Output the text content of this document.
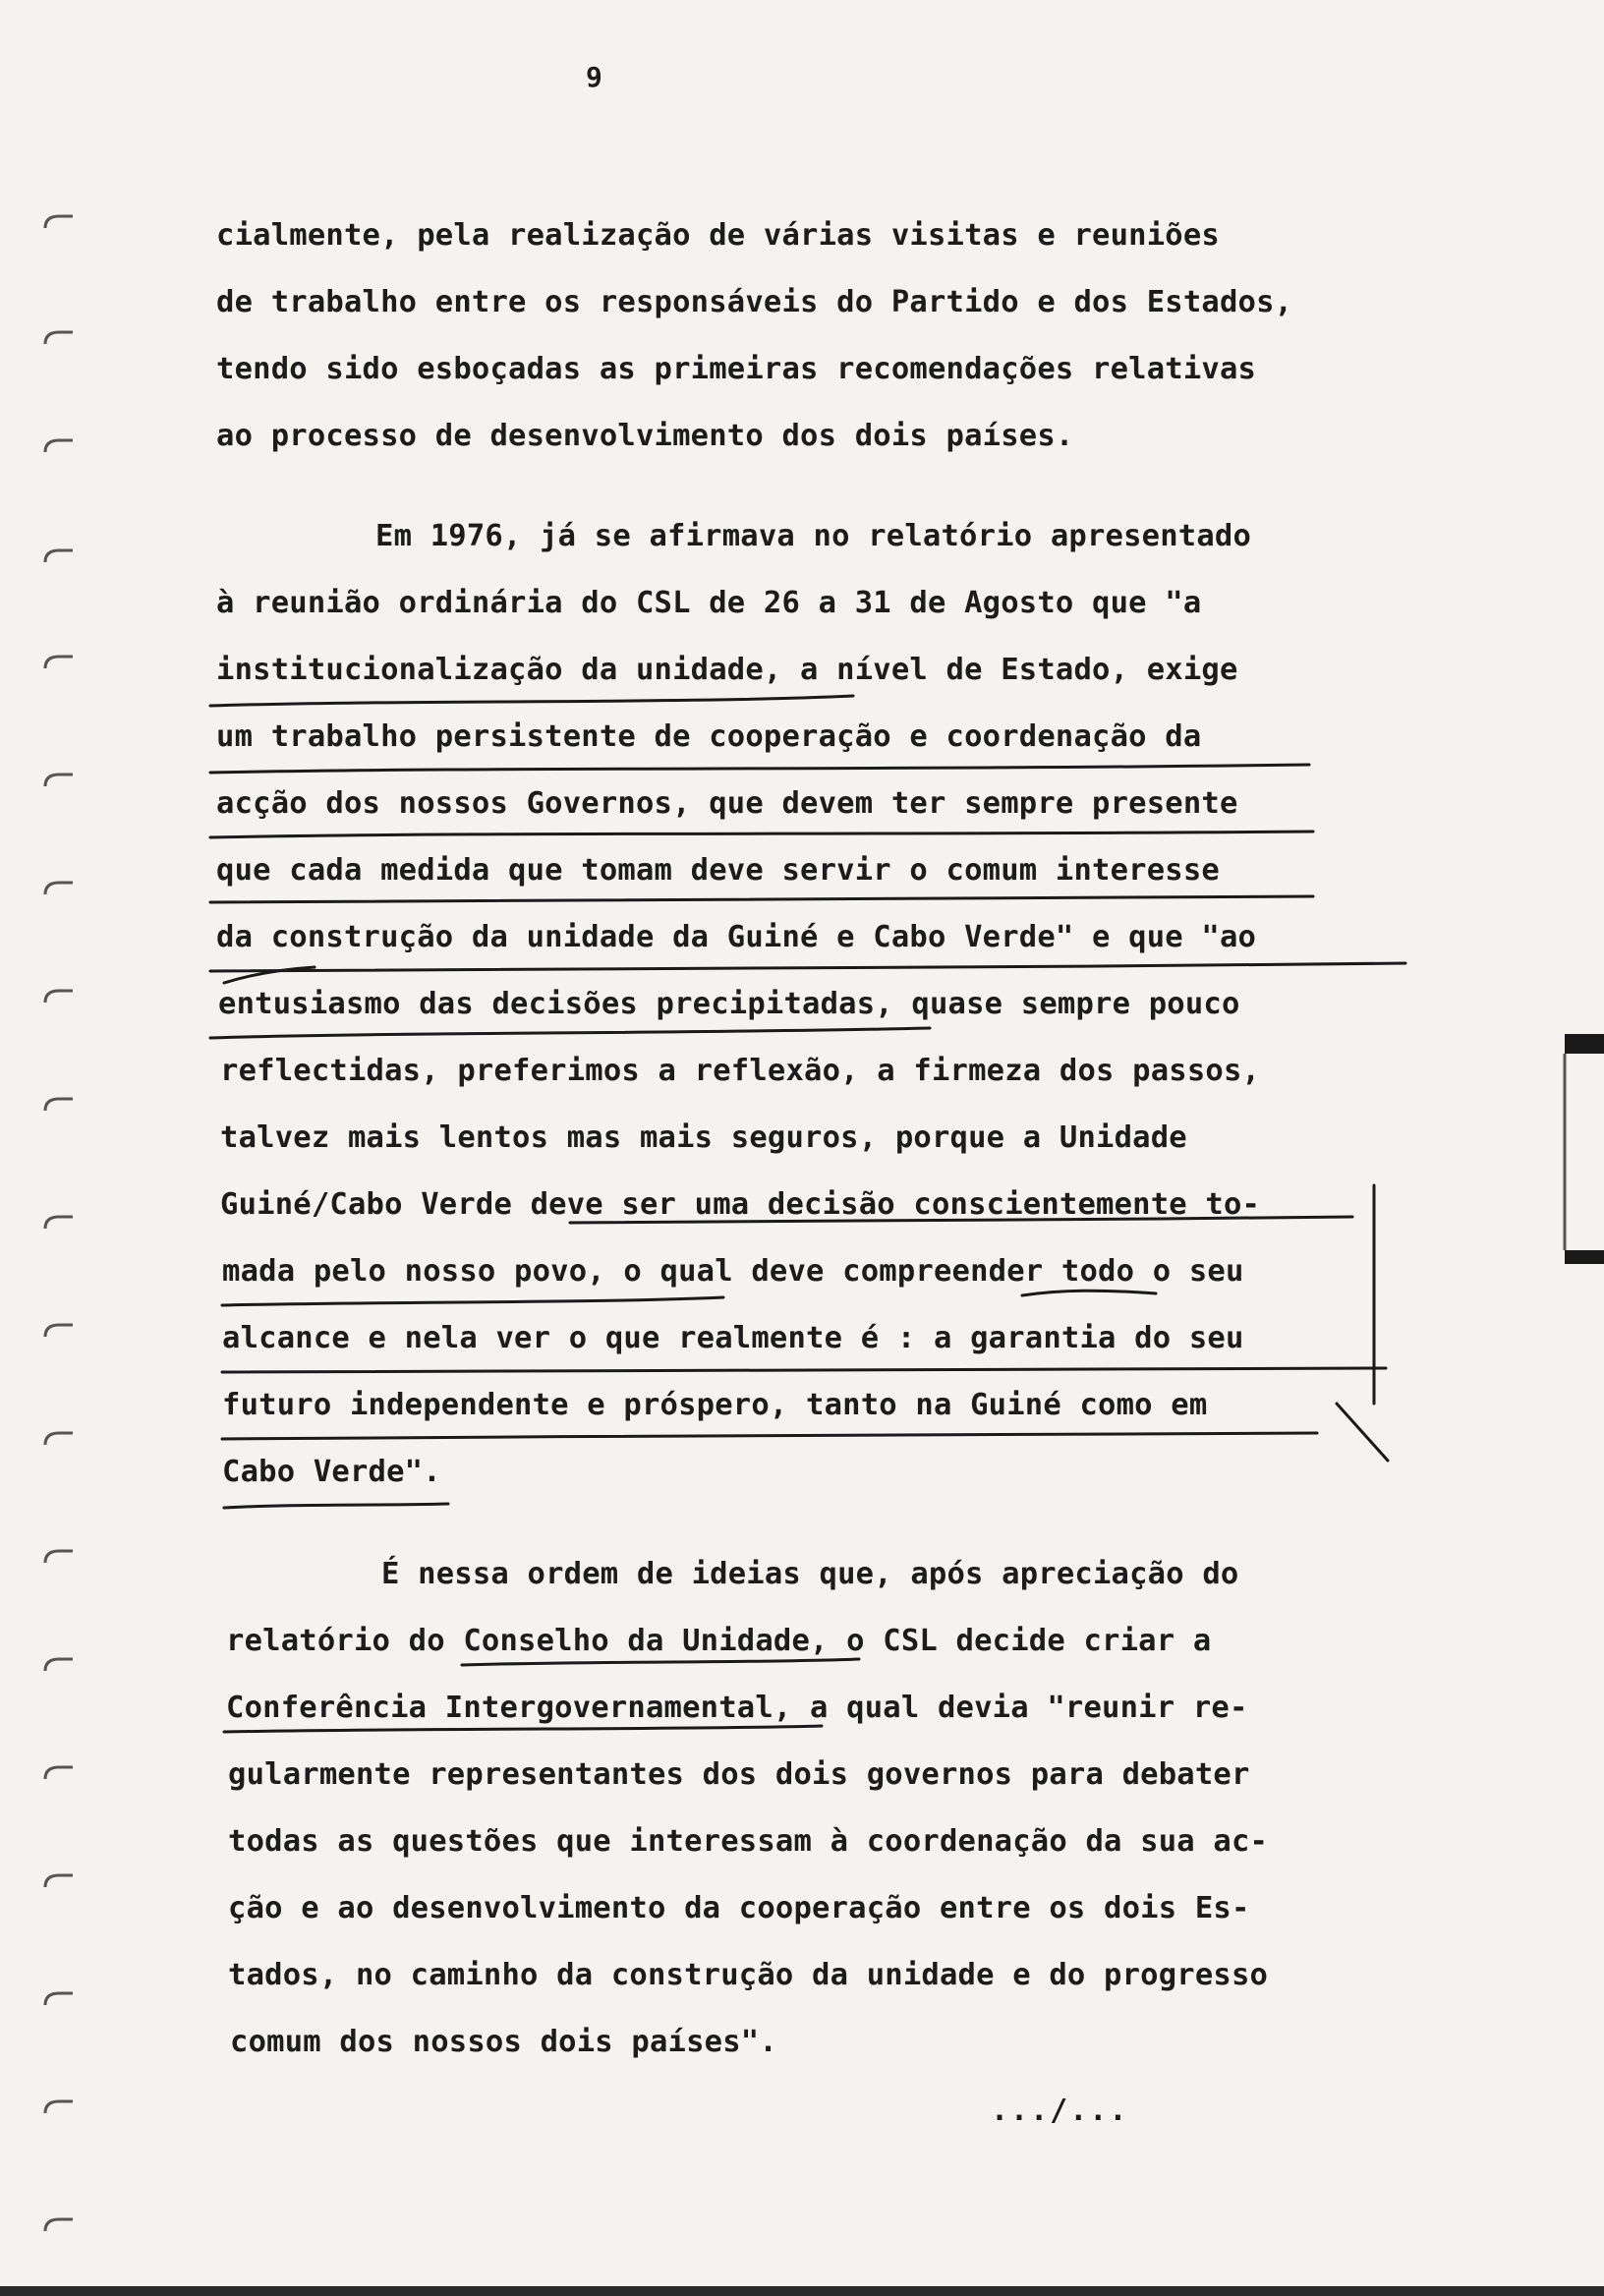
9
cialmente, pela realização de várias visitas e reuniões
de trabalho entre os responsáveis do Partido e dos Estados,
tendo sido esboçadas as primeiras recomendações relativas
ao processo de desenvolvimento dos dois países.
Em 1976, já se afirmava no relatório apresentado
à reunião ordinária do CSL de 26 a 31 de Agosto que "a
institucionalização da unidade, a nível de Estado, exige
um trabalho persistente de cooperação e coordenação da
acção dos nossos Governos, que devem ter sempre presente
que cada medida que tomam deve servir o comum interesse
da construção da unidade da Guiné e Cabo Verde" e que "ao
entusiasmo das decisões precipitadas, quase sempre pouco
reflectidas, preferimos a reflexão, a firmeza dos passos,
talvez mais lentos mas mais seguros, porque a Unidade
Guiné/Cabo Verde deve ser uma decisão conscientemente to-
mada pelo nosso povo, o qual deve compreender todo o seu
alcance e nela ver o que realmente é : a garantia do seu
futuro independente e próspero, tanto na Guiné como em
Cabo Verde".
É nessa ordem de ideias que, após apreciação do
relatório do Conselho da Unidade, o CSL decide criar a
Conferência Intergovernamental, a qual devia "reunir re-
gularmente representantes dos dois governos para debater
todas as questões que interessam à coordenação da sua ac-
ção e ao desenvolvimento da cooperação entre os dois Es-
tados, no caminho da construção da unidade e do progresso
comum dos nossos dois países".
.../...
